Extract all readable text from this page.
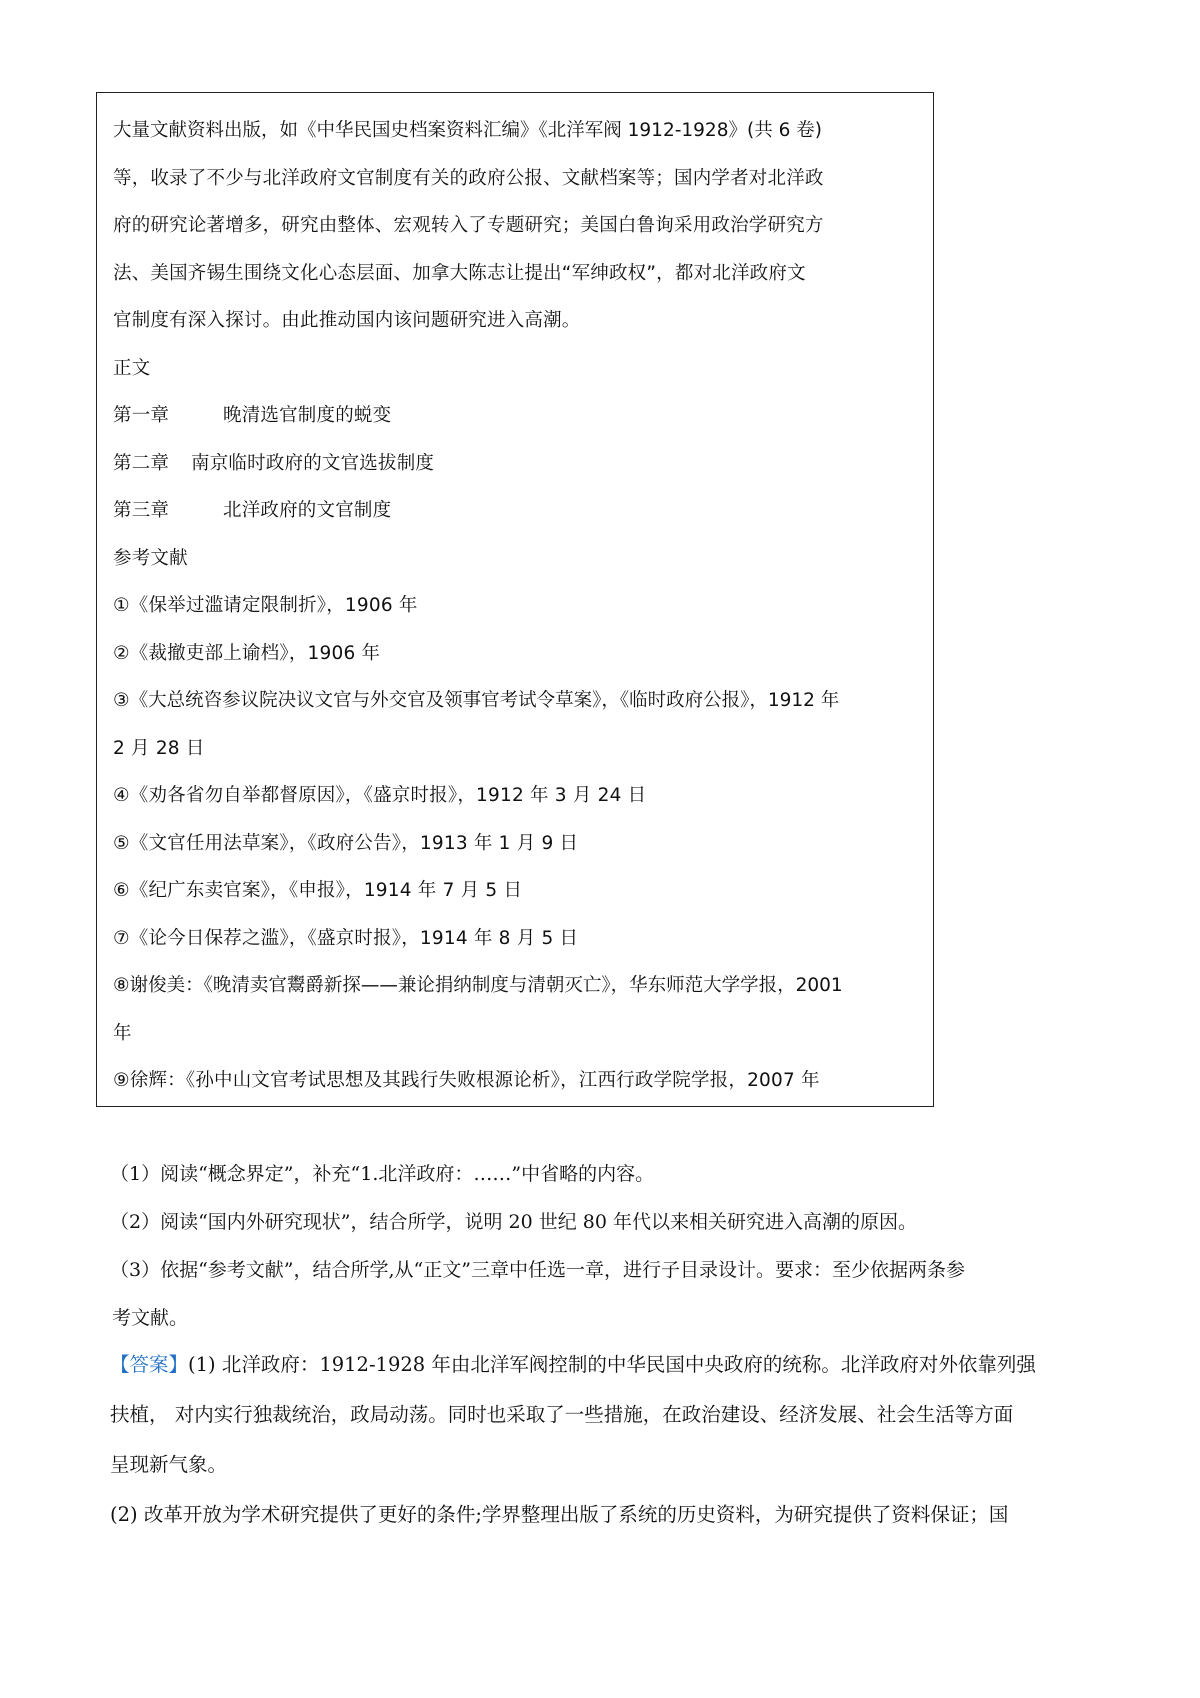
大量文献资料出版，如《中华民国史档案资料汇编》《北洋军阀 1912-1928》(共 6 卷)
等，收录了不少与北洋政府文官制度有关的政府公报、文献档案等；国内学者对北洋政
府的研究论著增多，研究由整体、宏观转入了专题研究；美国白鲁询采用政治学研究方
法、美国齐锡生围绕文化心态层面、加拿大陈志让提出“军绅政权”，都对北洋政府文
官制度有深入探讨。由此推动国内该问题研究进入高潮。
正文
第一章	晚清选官制度的蜕变
第二章	南京临时政府的文官选拔制度
第三章	北洋政府的文官制度
参考文献
①《保举过滥请定限制折》，1906 年
②《裁撤吏部上谕档》，1906 年
③《大总统咨参议院决议文官与外交官及领事官考试令草案》，《临时政府公报》，1912 年
2 月 28 日
④《劝各省勿自举都督原因》，《盛京时报》，1912 年 3 月 24 日
⑤《文官任用法草案》，《政府公告》，1913 年 1 月 9 日
⑥《纪广东卖官案》，《申报》，1914 年 7 月 5 日
⑦《论今日保荐之滥》，《盛京时报》，1914 年 8 月 5 日
⑧谢俊美：《晚清卖官鬻爵新探——兼论捐纳制度与清朝灭亡》，华东师范大学学报，2001
年
⑨徐辉：《孙中山文官考试思想及其践行失败根源论析》，江西行政学院学报，2007 年
（1）阅读“概念界定”，补充“1.北洋政府：……”中省略的内容。
（2）阅读“国内外研究现状”，结合所学，说明 20 世纪 80 年代以来相关研究进入高潮的原因。
（3）依据“参考文献”，结合所学,从“正文”三章中任选一章，进行子目录设计。要求：至少依据两条参
考文献。
【答案】(1) 北洋政府：1912-1928 年由北洋军阀控制的中华民国中央政府的统称。北洋政府对外依靠列强
扶植， 对内实行独裁统治，政局动荡。同时也采取了一些措施，在政治建设、经济发展、社会生活等方面
呈现新气象。
(2) 改革开放为学术研究提供了更好的条件;学界整理出版了系统的历史资料，为研究提供了资料保证；国
